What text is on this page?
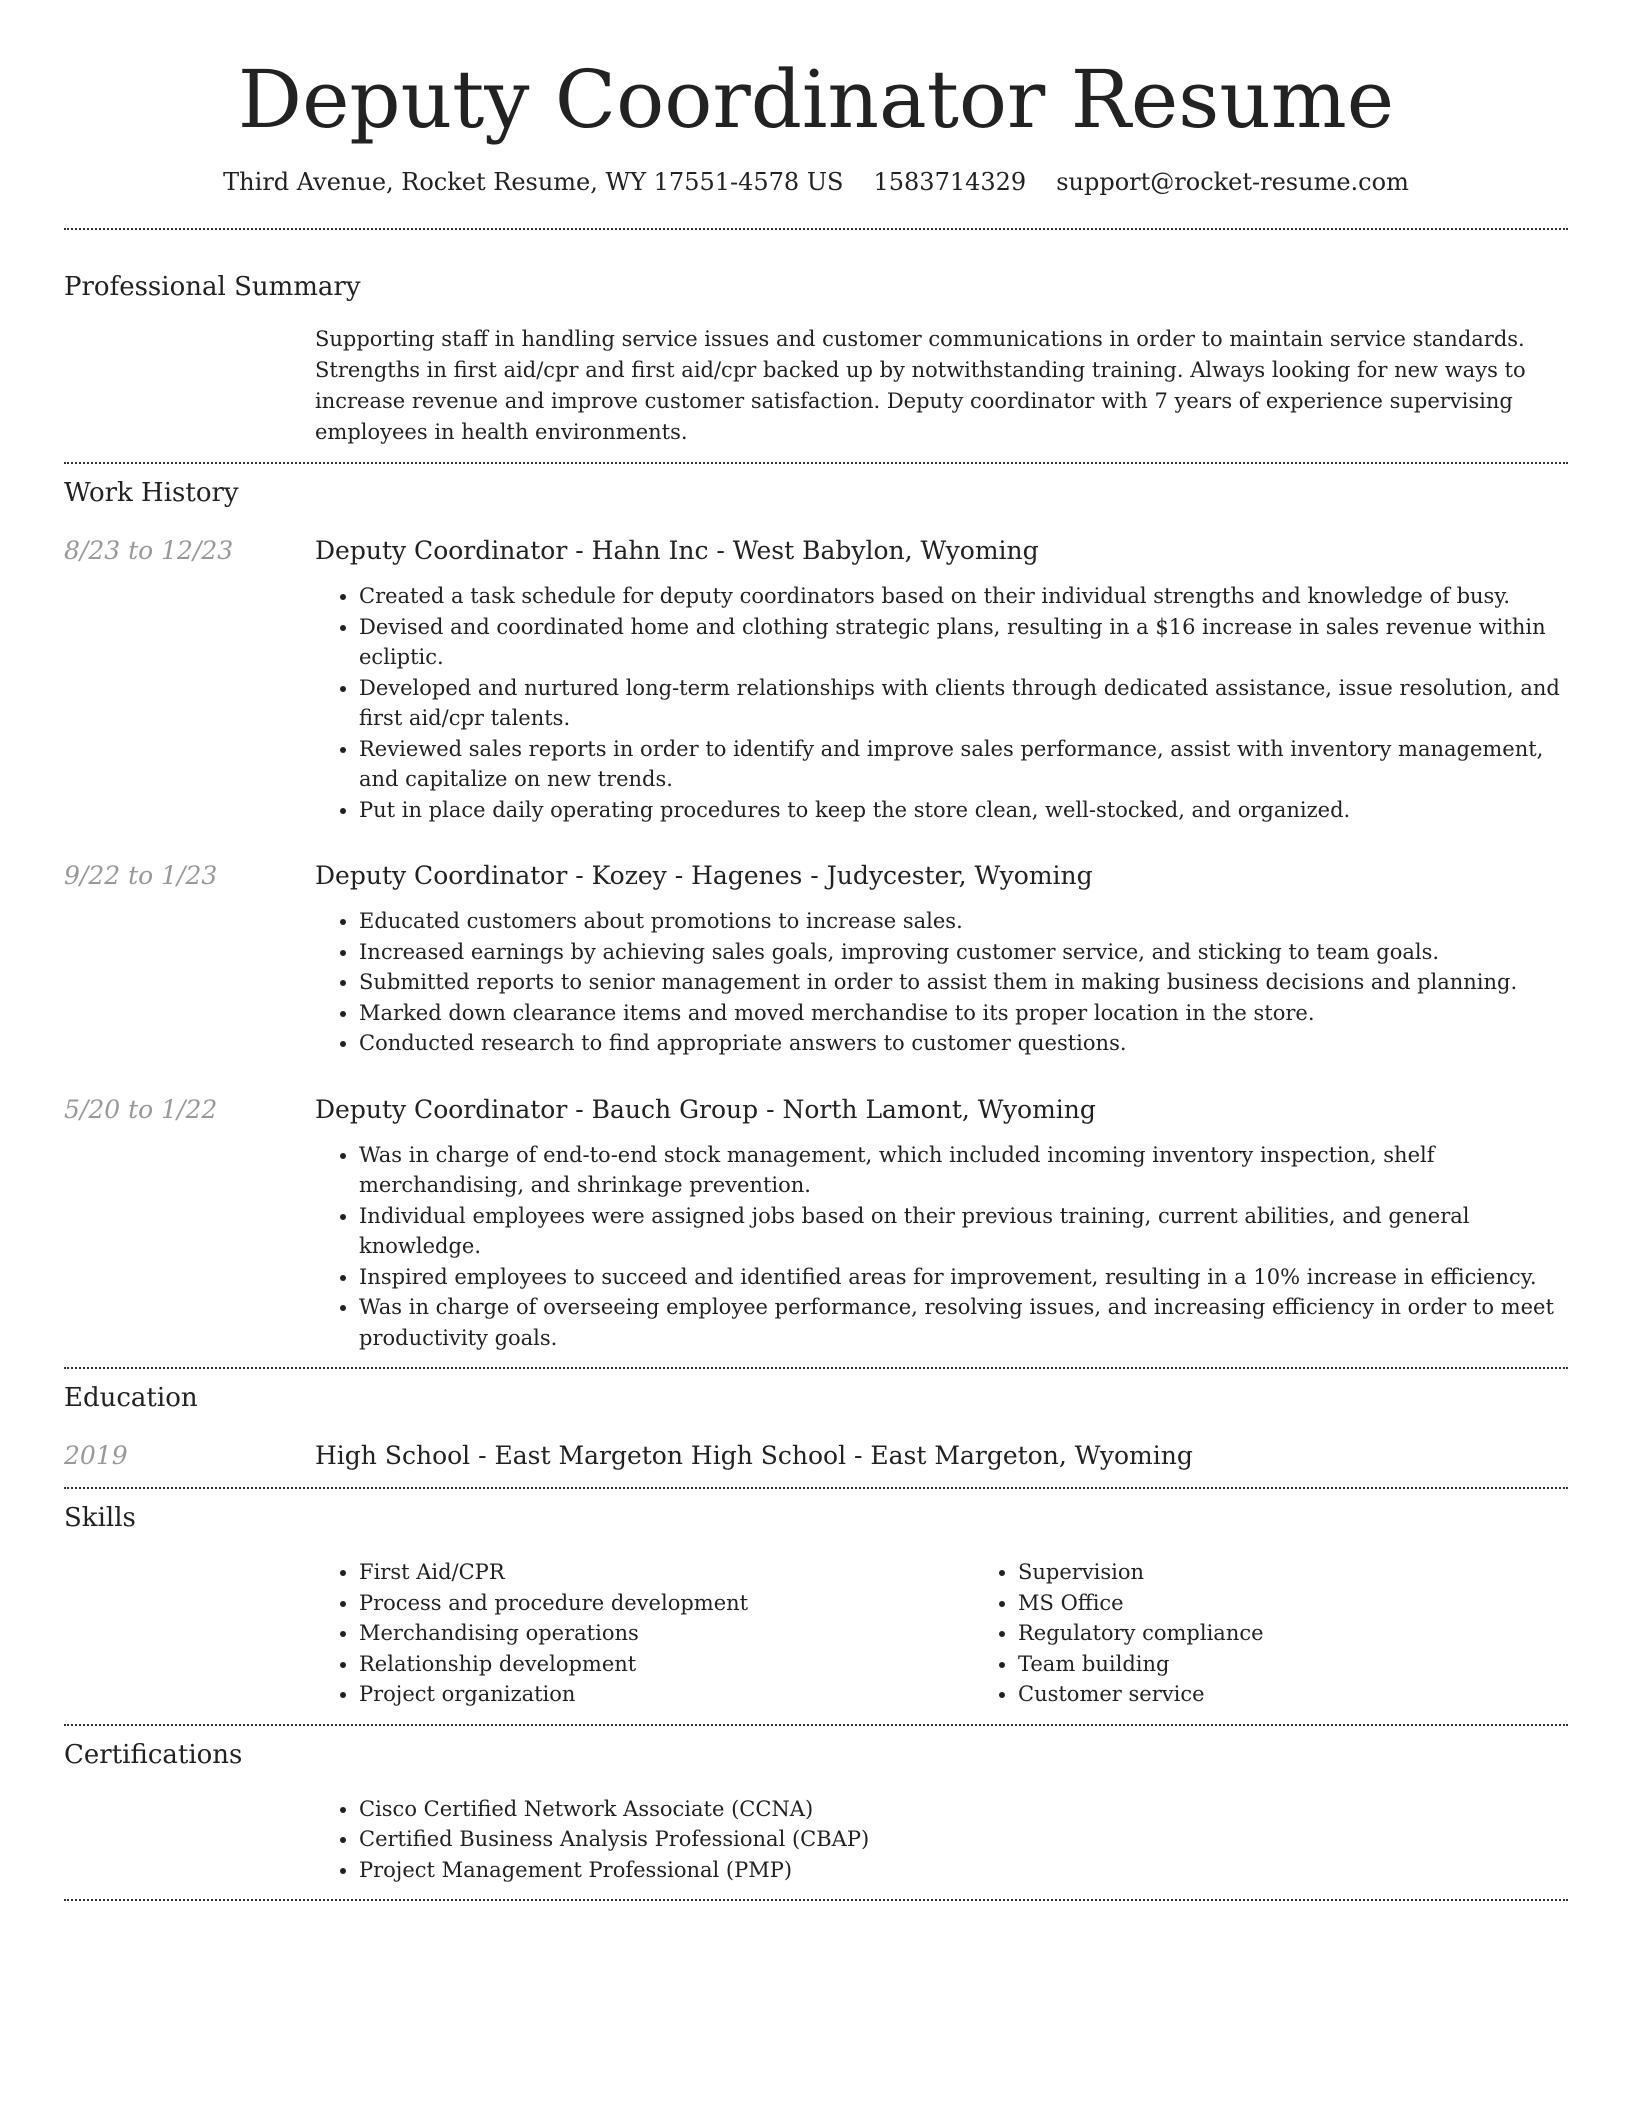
Deputy Coordinator Resume
Third Avenue, Rocket Resume, WY 17551-4578 US 1583714329 support@rocket-resume.com
Professional Summary

Supporting staff in handling service issues and customer communications in order to maintain service standards. Strengths in first aid/cpr and first aid/cpr backed up by notwithstanding training. Always looking for new ways to increase revenue and improve customer satisfaction. Deputy coordinator with 7 years of experience supervising employees in health environments.

Work History
8/23 to 12/23	Deputy Coordinator - Hahn Inc - West Babylon, Wyoming
• Created a task schedule for deputy coordinators based on their individual strengths and knowledge of busy.
• Devised and coordinated home and clothing strategic plans, resulting in a $16 increase in sales revenue within ecliptic.
• Developed and nurtured long-term relationships with clients through dedicated assistance, issue resolution, and first aid/cpr talents.
• Reviewed sales reports in order to identify and improve sales performance, assist with inventory management, and capitalize on new trends.
• Put in place daily operating procedures to keep the store clean, well-stocked, and organized.
9/22 to 1/23	Deputy Coordinator - Kozey - Hagenes - Judycester, Wyoming
• Educated customers about promotions to increase sales.
• Increased earnings by achieving sales goals, improving customer service, and sticking to team goals.
• Submitted reports to senior management in order to assist them in making business decisions and planning.
• Marked down clearance items and moved merchandise to its proper location in the store.
• Conducted research to find appropriate answers to customer questions.
5/20 to 1/22	Deputy Coordinator - Bauch Group - North Lamont, Wyoming
• Was in charge of end-to-end stock management, which included incoming inventory inspection, shelf merchandising, and shrinkage prevention.
• Individual employees were assigned jobs based on their previous training, current abilities, and general knowledge.
• Inspired employees to succeed and identified areas for improvement, resulting in a 10% increase in efficiency.
• Was in charge of overseeing employee performance, resolving issues, and increasing efficiency in order to meet productivity goals.
Education
2019	High School - East Margeton High School - East Margeton, Wyoming
Skills
• First Aid/CPR
• Process and procedure development
• Merchandising operations
• Relationship development
• Project organization
• Supervision
• MS Office
• Regulatory compliance
• Team building
• Customer service
Certifications
• Cisco Certified Network Associate (CCNA)
• Certified Business Analysis Professional (CBAP)
• Project Management Professional (PMP)
